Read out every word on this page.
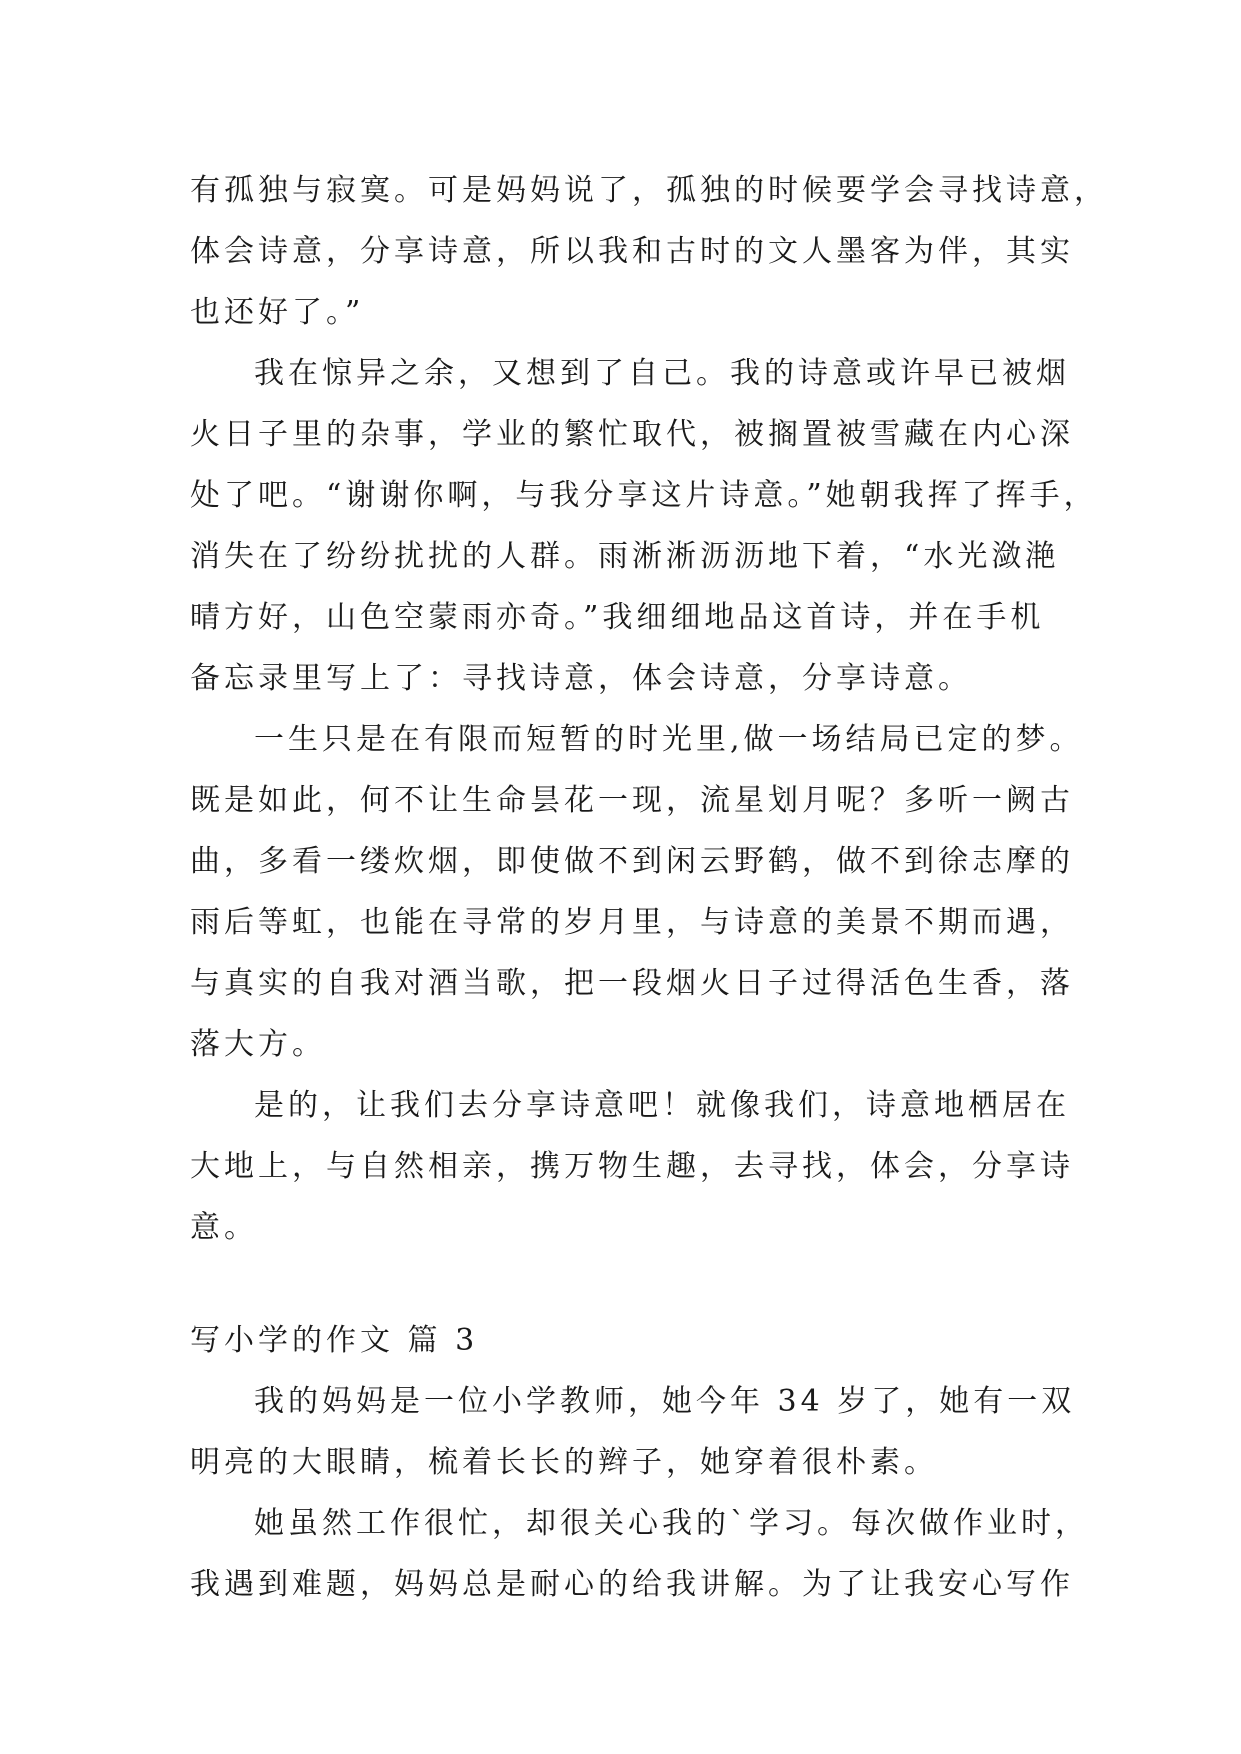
有孤独与寂寞。可是妈妈说了，孤独的时候要学会寻找诗意，
体会诗意，分享诗意，所以我和古时的文人墨客为伴，其实
也还好了。”
我在惊异之余，又想到了自己。我的诗意或许早已被烟
火日子里的杂事，学业的繁忙取代，被搁置被雪藏在内心深
处了吧。“谢谢你啊，与我分享这片诗意。”她朝我挥了挥手，
消失在了纷纷扰扰的人群。雨淅淅沥沥地下着，“水光潋滟
晴方好，山色空蒙雨亦奇。”我细细地品这首诗，并在手机
备忘录里写上了：寻找诗意，体会诗意，分享诗意。
一生只是在有限而短暂的时光里,做一场结局已定的梦。
既是如此，何不让生命昙花一现，流星划月呢？多听一阙古
曲，多看一缕炊烟，即使做不到闲云野鹤，做不到徐志摩的
雨后等虹，也能在寻常的岁月里，与诗意的美景不期而遇，
与真实的自我对酒当歌，把一段烟火日子过得活色生香，落
落大方。
是的，让我们去分享诗意吧！就像我们，诗意地栖居在
大地上，与自然相亲，携万物生趣，去寻找，体会，分享诗
意。
写小学的作文 篇 3
我的妈妈是一位小学教师，她今年 34 岁了，她有一双
明亮的大眼睛，梳着长长的辫子，她穿着很朴素。
她虽然工作很忙，却很关心我的`学习。每次做作业时，
我遇到难题，妈妈总是耐心的给我讲解。为了让我安心写作
